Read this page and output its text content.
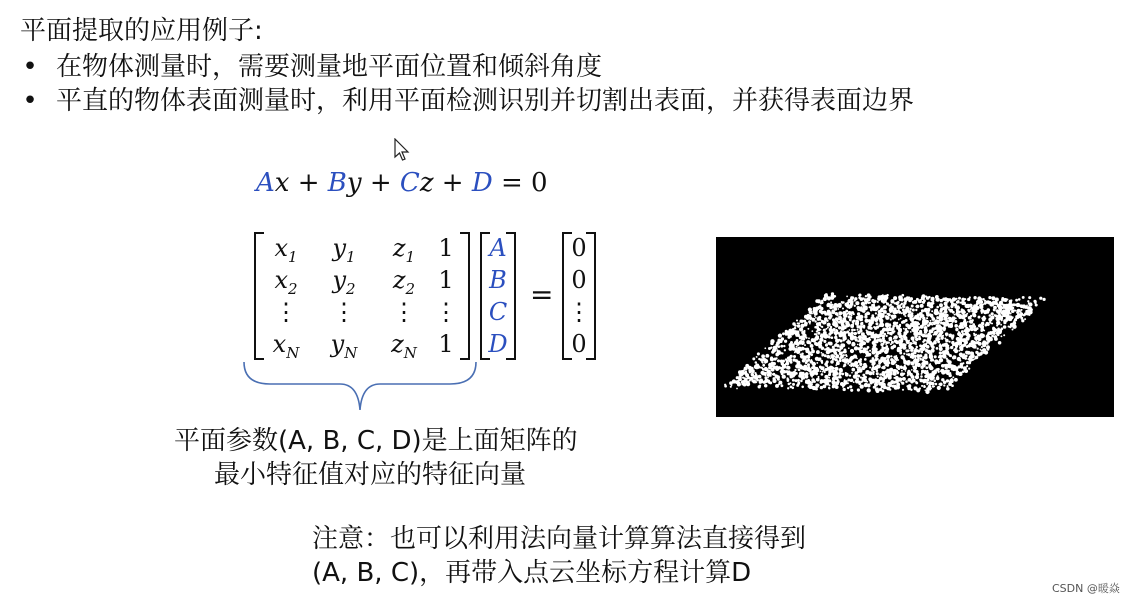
平面提取的应用例子:
• 在物体测量时，需要测量地平面位置和倾斜角度
• 平直的物体表面测量时，利用平面检测识别并切割出表面，并获得表面边界
Ax + By + Cz + D = 0
$x_1$	$y_1$	$z_1$ 1
$x_2$	$y_2$	$z_2$ 1
⋮	⋮	⋮ ⋮
$x_N$	$y_N$	$z_N$ 1
A
B
C
D
0
0
⋮
0
=
平面参数(A, B, C, D)是上面矩阵的
最小特征值对应的特征向量
注意：也可以利用法向量计算算法直接得到
(A, B, C)，再带入点云坐标方程计算D
CSDN @暖焱
